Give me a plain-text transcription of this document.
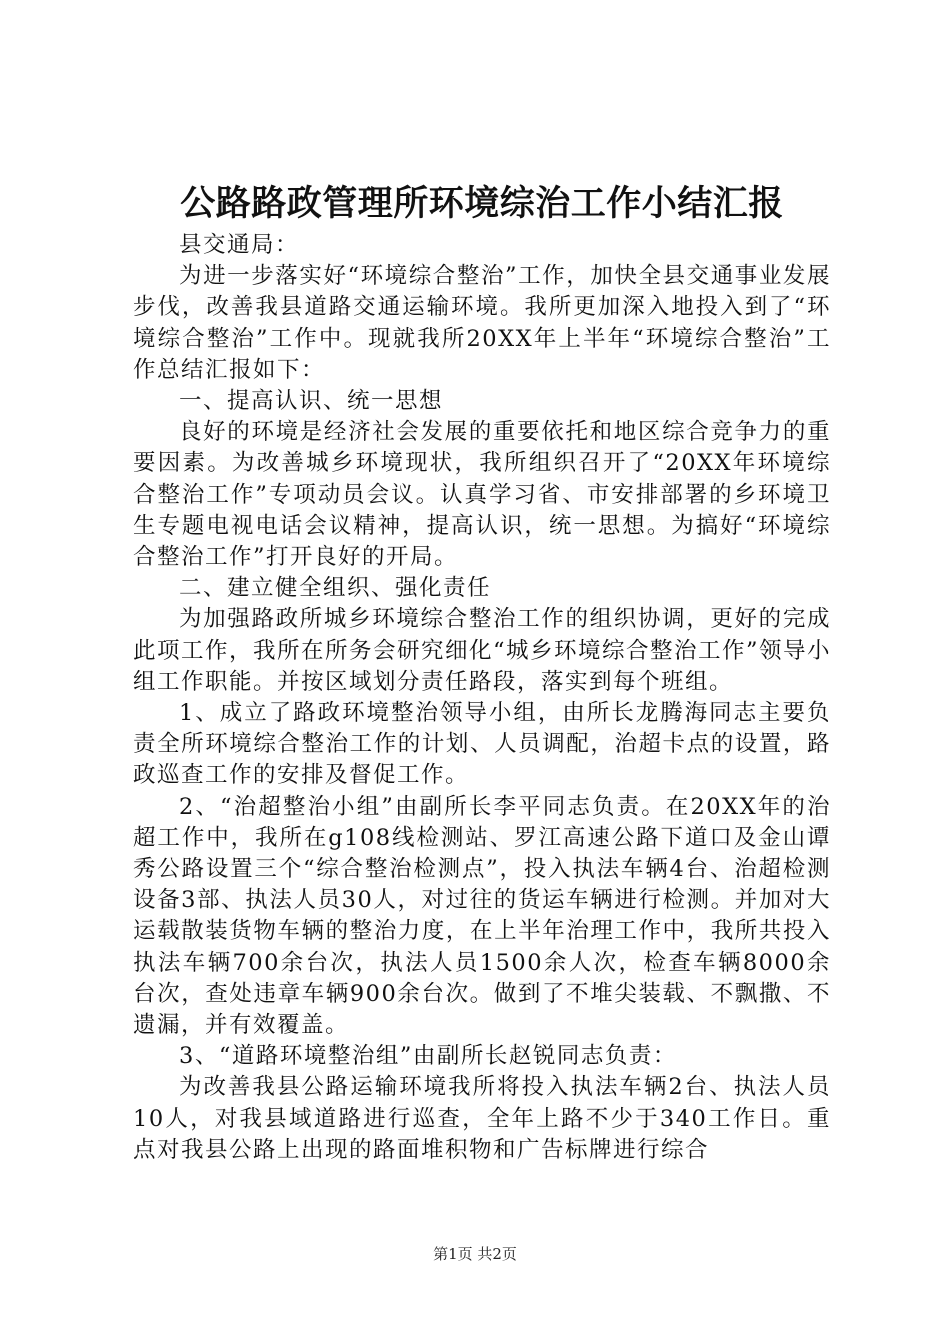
公路路政管理所环境综治工作小结汇报

县交通局：

为进一步落实好“环境综合整治”工作，加快全县交通事业发展步伐，改善我县道路交通运输环境。我所更加深入地投入到了“环境综合整治”工作中。现就我所20XX年上半年“环境综合整治”工作总结汇报如下：

一、提高认识、统一思想

良好的环境是经济社会发展的重要依托和地区综合竞争力的重要因素。为改善城乡环境现状，我所组织召开了“20XX年环境综合整治工作”专项动员会议。认真学习省、市安排部署的乡环境卫生专题电视电话会议精神，提高认识，统一思想。为搞好“环境综合整治工作”打开良好的开局。

二、建立健全组织、强化责任

为加强路政所城乡环境综合整治工作的组织协调，更好的完成此项工作，我所在所务会研究细化“城乡环境综合整治工作”领导小组工作职能。并按区域划分责任路段，落实到每个班组。

1、成立了路政环境整治领导小组，由所长龙腾海同志主要负责全所环境综合整治工作的计划、人员调配，治超卡点的设置，路政巡查工作的安排及督促工作。

2、“治超整治小组”由副所长李平同志负责。在20XX年的治超工作中，我所在g108线检测站、罗江高速公路下道口及金山谭秀公路设置三个“综合整治检测点”，投入执法车辆4台、治超检测设备3部、执法人员30人，对过往的货运车辆进行检测。并加对大运载散装货物车辆的整治力度，在上半年治理工作中，我所共投入执法车辆700余台次，执法人员1500余人次，检查车辆8000余台次，查处违章车辆900余台次。做到了不堆尖装载、不飘撒、不遗漏，并有效覆盖。

3、“道路环境整治组”由副所长赵锐同志负责：

为改善我县公路运输环境我所将投入执法车辆2台、执法人员10人，对我县域道路进行巡查，全年上路不少于340工作日。重点对我县公路上出现的路面堆积物和广告标牌进行综合

第1页 共2页
